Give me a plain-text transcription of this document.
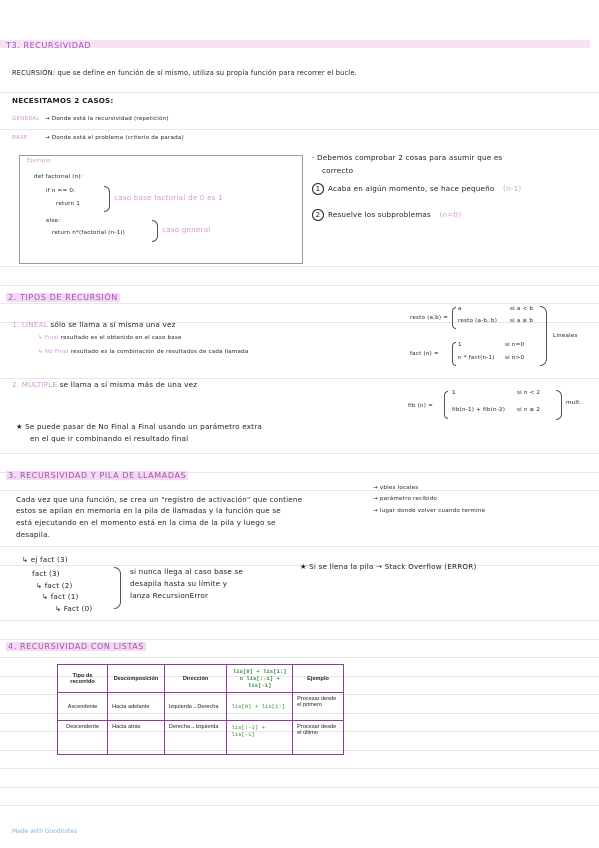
T3. RECURSIVIDAD
RECURSIÓN: que se define en función de sí mismo, utiliza su propia función para recorrer el bucle.
NECESITAMOS 2 CASOS:
GENERAL → Donde está la recursividad (repetición)
BASE	→ Donde está el problema (criterio de parada)
Ejemplo
def factorial (n):
if n == 0:
return 1
else:
return n*(factorial (n-1))
caso base factorial de 0 es 1
caso general
· Debemos comprobar 2 cosas para asumir que es
correcto
1 Acaba en algún momento, se hace pequeño (n-1)
2 Resuelve los subproblemas (n=0)
2. TIPOS DE RECURSIÓN
1. LINEAL sólo se llama a sí misma una vez
↳ Final resultado es el obtenido en el caso base
↳ No Final resultado es la combinación de resultados de cada llamada
resto (a,b) =
a	si a < b
resto (a-b, b) si a ≥ b
fact (n) =
1	si n=0
n * fact(n-1) si n>0
Lineales
2. MÚLTIPLE se llama a sí misma más de una vez
fib (n) =
1	si n < 2
fib(n-1) + fib(n-2) si n ≥ 2
mult.
★ Se puede pasar de No Final a Final usando un parámetro extra
en el que ir combinando el resultado final
3. RECURSIVIDAD Y PILA DE LLAMADAS
Cada vez que una función, se crea un "registro de activación" que contiene
estos se apilan en memoria en la pila de llamadas y la función que se
está ejecutando en el momento está en la cima de la pila y luego se
desapila.
→ vbles locales
→ parámetro recibido
→ lugar donde volver cuando termine
↳ ej fact (3)
fact (3)
↳ fact (2)
↳ fact (1)
↳ Fact (0)
si nunca llega al caso base se
desapila hasta su límite y
lanza RecursionError
★ Si se llena la pila → Stack Overflow (ERROR)
4. RECURSIVIDAD CON LISTAS
Tipo de recorrido	Descomposición	Dirección	lis[0] + lis[1:] o lis[:-1] + lis[-1]	Ejemplo
Ascendente	Hacia adelante	Izquierda→Derecha	lis[0] + lis[1:]	Procesar desde el primero
Descendente	Hacia atrás	Derecha→Izquierda	lis[:-1] + lis[-1]	Procesar desde el último
Made with Goodnotes
